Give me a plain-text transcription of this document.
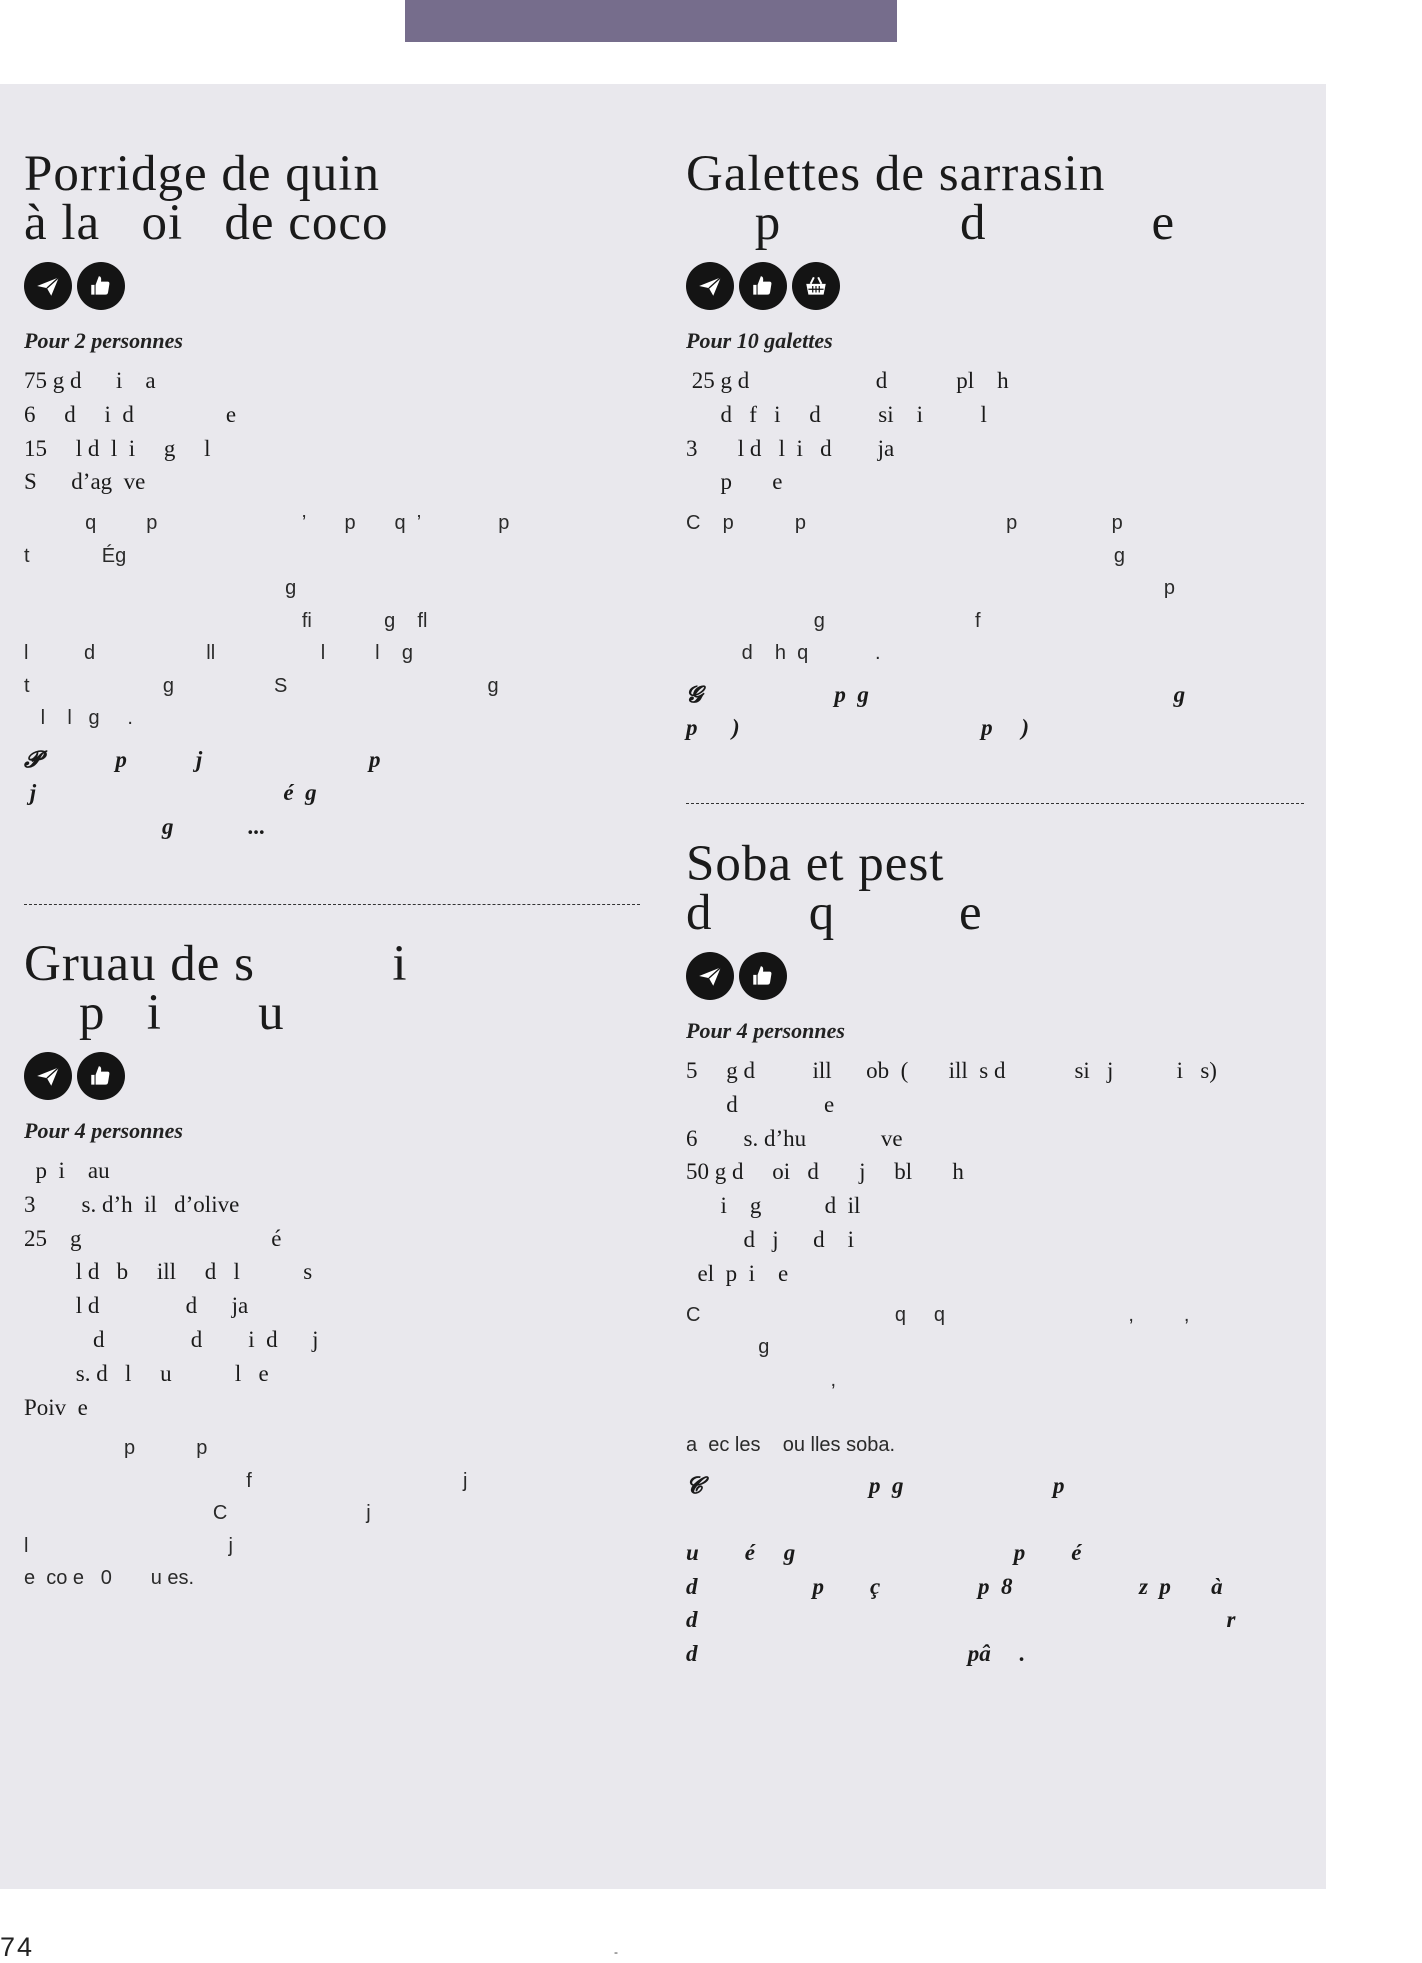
Porridge de quin
à la   oi   de coco
Pour 2 personnes
75 g d      i    a
6     d     i  d                e
15     l d  l  i     g     l
S      d’ag  ve
q         p                          ’       p       q  ’              p
t             Ég
g
fi             g    fl
l          d                    ll                   l         l    g
t                        g                  S                                    g
l    l   g     .
𝓟             p            j                             p
j                                           é  g
g             ...
Gruau de s          i
p   i       u
Pour 4 personnes
p  i    au
3        s. d’h  il   d’olive
25    g                                 é
l d   b     ill     d   l           s
l d               d      ja
d               d        i  d      j
s. d   l     u           l   e
Poiv  e
p           p
f                                      j
C                         j
l                                    j
e  co e   0       u es.
Galettes de sarrasin
p             d            e
Pour 10 galettes
25 g d                      d            pl    h
d   f   i     d          si    i          l
3       l d   l  i   d        ja
p       e
C    p           p                                    p                 p
g
p
g                           f
d    h  q            .
𝓖                       p  g                                                     g
p      )                                          p     )
Soba et pest
d       q         e
Pour 4 personnes
5     g d          ill      ob  (       ill  s d            si   j           i   s)
d               e
6        s. d’hu             ve
50 g d     oi   d       j     bl       h
i    g           d  il
d   j      d    i
el  p  i    e
C                                   q     q                                 ,         ,
g
,

a  ec les    ou lles soba.
𝓒                             p  g                          p

u        é     g                                      p        é
d                    p        ç                 p  8                      z  p       à
d                                                                                            r
d                                               pâ     .
74	-
